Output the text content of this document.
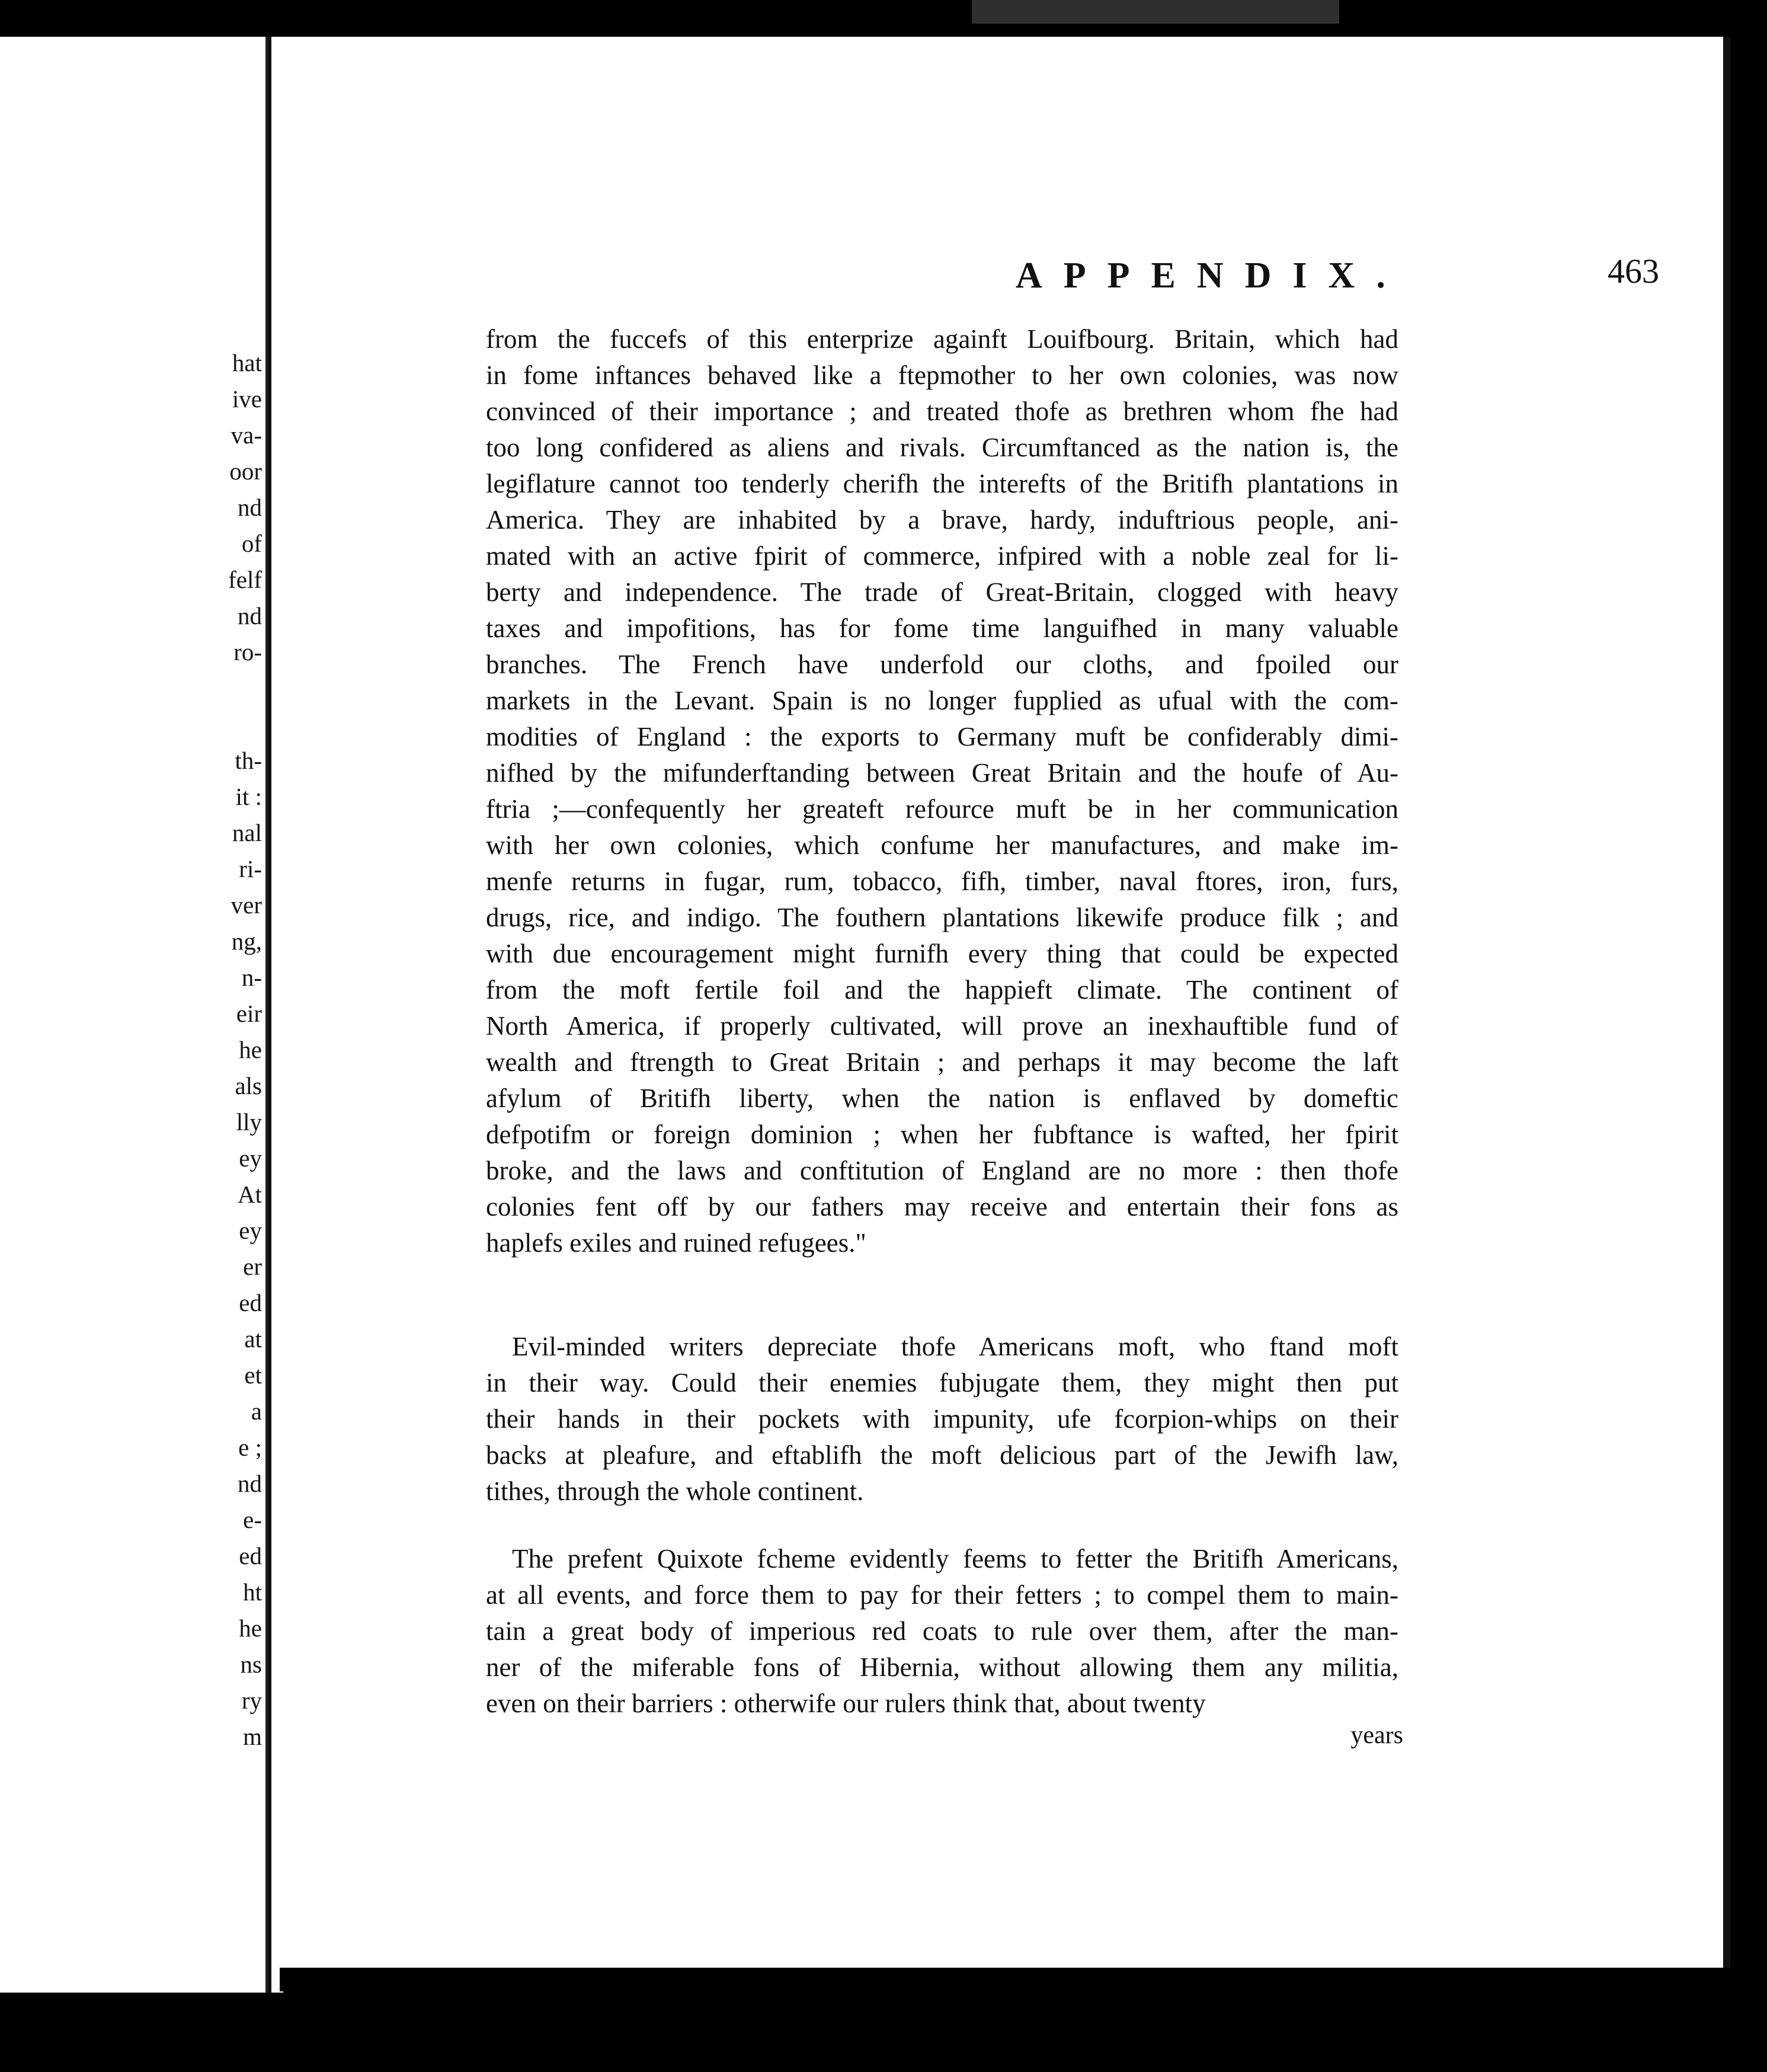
hat
ive
va-
oor
nd
of
felf
nd
ro-
th-
it :
nal
ri-
ver
ng,
n-
eir
he
als
lly
ey
At
ey
er
ed
at
et
a
e ;
nd
e-
ed
ht
he
ns
ry
m
APPENDIX.	463
from the fuccefs of this enterprize againft Louifbourg. Britain, which had
in fome inftances behaved like a ftepmother to her own colonies, was now
convinced of their importance ; and treated thofe as brethren whom fhe had
too long confidered as aliens and rivals. Circumftanced as the nation is, the
legiflature cannot too tenderly cherifh the interefts of the Britifh plantations in
America. They are inhabited by a brave, hardy, induftrious people, ani-
mated with an active fpirit of commerce, infpired with a noble zeal for li-
berty and independence. The trade of Great-Britain, clogged with heavy
taxes and impofitions, has for fome time languifhed in many valuable
branches. The French have underfold our cloths, and fpoiled our
markets in the Levant. Spain is no longer fupplied as ufual with the com-
modities of England : the exports to Germany muft be confiderably dimi-
nifhed by the mifunderftanding between Great Britain and the houfe of Au-
ftria ;—confequently her greateft refource muft be in her communication
with her own colonies, which confume her manufactures, and make im-
menfe returns in fugar, rum, tobacco, fifh, timber, naval ftores, iron, furs,
drugs, rice, and indigo. The fouthern plantations likewife produce filk ; and
with due encouragement might furnifh every thing that could be expected
from the moft fertile foil and the happieft climate. The continent of
North America, if properly cultivated, will prove an inexhauftible fund of
wealth and ftrength to Great Britain ; and perhaps it may become the laft
afylum of Britifh liberty, when the nation is enflaved by domeftic
defpotifm or foreign dominion ; when her fubftance is wafted, her fpirit
broke, and the laws and conftitution of England are no more : then thofe
colonies fent off by our fathers may receive and entertain their fons as
haplefs exiles and ruined refugees."
Evil-minded writers depreciate thofe Americans moft, who ftand moft
in their way. Could their enemies fubjugate them, they might then put
their hands in their pockets with impunity, ufe fcorpion-whips on their
backs at pleafure, and eftablifh the moft delicious part of the Jewifh law,
tithes, through the whole continent.
The prefent Quixote fcheme evidently feems to fetter the Britifh Americans,
at all events, and force them to pay for their fetters ; to compel them to main-
tain a great body of imperious red coats to rule over them, after the man-
ner of the miferable fons of Hibernia, without allowing them any militia,
even on their barriers : otherwife our rulers think that, about twenty
years
